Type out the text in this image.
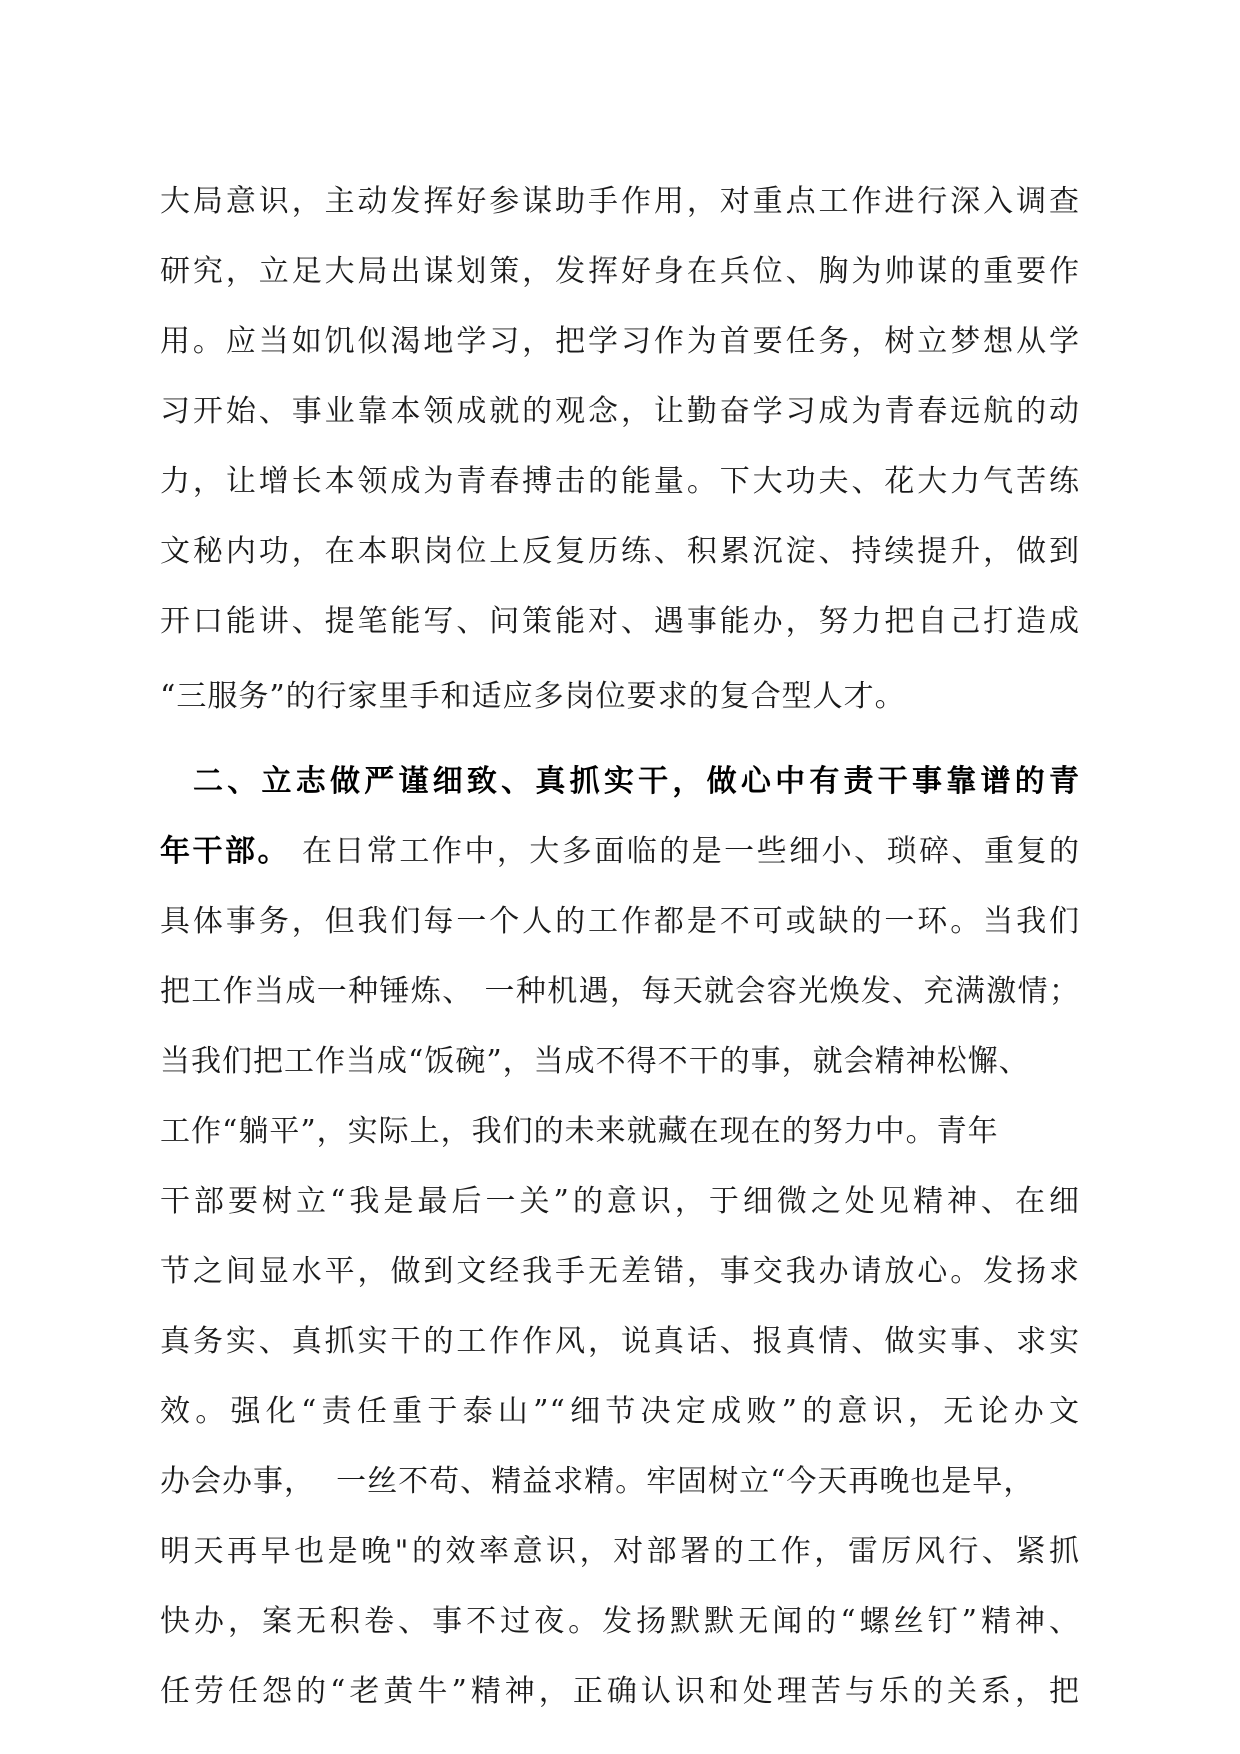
大局意识，主动发挥好参谋助手作用，对重点工作进行深入调查
研究，立足大局出谋划策，发挥好身在兵位、胸为帅谋的重要作
用。应当如饥似渴地学习，把学习作为首要任务，树立梦想从学
习开始、事业靠本领成就的观念，让勤奋学习成为青春远航的动
力，让增长本领成为青春搏击的能量。下大功夫、花大力气苦练
文秘内功，在本职岗位上反复历练、积累沉淀、持续提升，做到
开口能讲、提笔能写、问策能对、遇事能办，努力把自己打造成
“三服务”的行家里手和适应多岗位要求的复合型人才。
二、立志做严谨细致、真抓实干，做心中有责干事靠谱的青
年干部。 在日常工作中，大多面临的是一些细小、琐碎、重复的
具体事务，但我们每一个人的工作都是不可或缺的一环。当我们
把工作当成一种锤炼、 一种机遇，每天就会容光焕发、充满激情；
当我们把工作当成“饭碗”，当成不得不干的事，就会精神松懈、
工作“躺平”，实际上，我们的未来就藏在现在的努力中。青年
干部要树立“我是最后一关”的意识，于细微之处见精神、在细
节之间显水平，做到文经我手无差错，事交我办请放心。发扬求
真务实、真抓实干的工作作风，说真话、报真情、做实事、求实
效。强化“责任重于泰山”“细节决定成败”的意识，无论办文
办会办事，  一丝不苟、精益求精。牢固树立“今天再晚也是早，
明天再早也是晚"的效率意识，对部署的工作，雷厉风行、紧抓
快办，案无积卷、事不过夜。发扬默默无闻的“螺丝钉”精神、
任劳任怨的“老黄牛”精神，正确认识和处理苦与乐的关系，把
